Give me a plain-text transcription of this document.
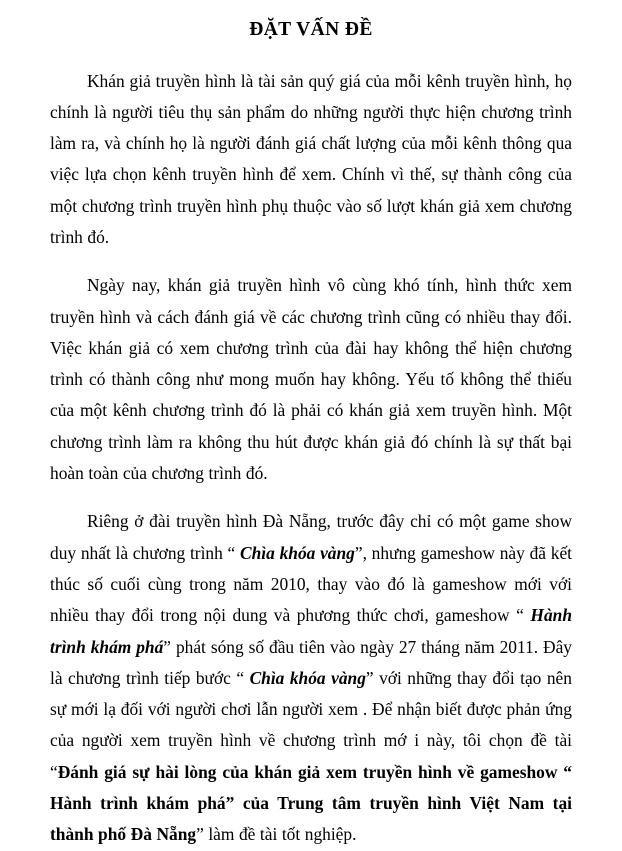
ĐẶT VẤN ĐỀ

Khán giả truyền hình là tài sản quý giá của mỗi kênh truyền hình, họ chính là người tiêu thụ sản phẩm do những người thực hiện chương trình làm ra, và chính họ là người đánh giá chất lượng của mỗi kênh thông qua việc lựa chọn kênh truyền hình để xem. Chính vì thế, sự thành công của một chương trình truyền hình phụ thuộc vào số lượt khán giả xem chương trình đó.

Ngày nay, khán giả truyền hình vô cùng khó tính, hình thức xem truyền hình và cách đánh giá về các chương trình cũng có nhiều thay đổi. Việc khán giả có xem chương trình của đài hay không thể hiện chương trình có thành công như mong muốn hay không. Yếu tố không thể thiếu của một kênh chương trình đó là phải có khán giả xem truyền hình. Một chương trình làm ra không thu hút được khán giả đó chính là sự thất bại hoàn toàn của chương trình đó.

Riêng ở đài truyền hình Đà Nẵng, trước đây chỉ có một game show duy nhất là chương trình “ Chìa khóa vàng”, nhưng gameshow này đã kết thúc số cuối cùng trong năm 2010, thay vào đó là gameshow mới với nhiều thay đổi trong nội dung và phương thức chơi, gameshow “ Hành trình khám phá” phát sóng số đầu tiên vào ngày 27 tháng năm 2011. Đây là chương trình tiếp bước “ Chìa khóa vàng” với những thay đổi tạo nên sự mới lạ đối với người chơi lẫn người xem . Để nhận biết được phản ứng của người xem truyền hình về chương trình mớ i này, tôi chọn đề tài “Đánh giá sự hài lòng của khán giả xem truyền hình về gameshow “ Hành trình khám phá” của Trung tâm truyền hình Việt Nam tại thành phố Đà Nẵng” làm đề tài tốt nghiệp.
